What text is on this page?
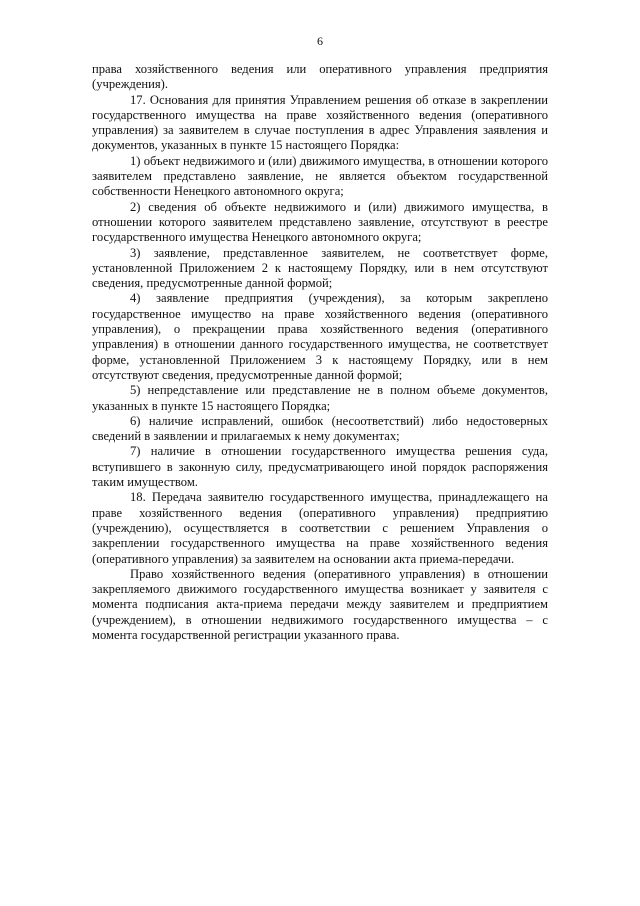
6

права хозяйственного ведения или оперативного управления предприятия (учреждения).

17. Основания для принятия Управлением решения об отказе в закреплении государственного имущества на праве хозяйственного ведения (оперативного управления) за заявителем в случае поступления в адрес Управления заявления и документов, указанных в пункте 15 настоящего Порядка:

1) объект недвижимого и (или) движимого имущества, в отношении которого заявителем представлено заявление, не является объектом государственной собственности Ненецкого автономного округа;

2) сведения об объекте недвижимого и (или) движимого имущества, в отношении которого заявителем представлено заявление, отсутствуют в реестре государственного имущества Ненецкого автономного округа;

3) заявление, представленное заявителем, не соответствует форме, установленной Приложением 2 к настоящему Порядку, или в нем отсутствуют сведения, предусмотренные данной формой;

4) заявление предприятия (учреждения), за которым закреплено государственное имущество на праве хозяйственного ведения (оперативного управления), о прекращении права хозяйственного ведения (оперативного управления) в отношении данного государственного имущества, не соответствует форме, установленной Приложением 3 к настоящему Порядку, или в нем отсутствуют сведения, предусмотренные данной формой;

5) непредставление или представление не в полном объеме документов, указанных в пункте 15 настоящего Порядка;

6) наличие исправлений, ошибок (несоответствий) либо недостоверных сведений в заявлении и прилагаемых к нему документах;

7) наличие в отношении государственного имущества решения суда, вступившего в законную силу, предусматривающего иной порядок распоряжения таким имуществом.

18. Передача заявителю государственного имущества, принадлежащего на праве хозяйственного ведения (оперативного управления) предприятию (учреждению), осуществляется в соответствии с решением Управления о закреплении государственного имущества на праве хозяйственного ведения (оперативного управления) за заявителем на основании акта приема-передачи.

Право хозяйственного ведения (оперативного управления) в отношении закрепляемого движимого государственного имущества возникает у заявителя с момента подписания акта-приема передачи между заявителем и предприятием (учреждением), в отношении недвижимого государственного имущества – с момента государственной регистрации указанного права.
